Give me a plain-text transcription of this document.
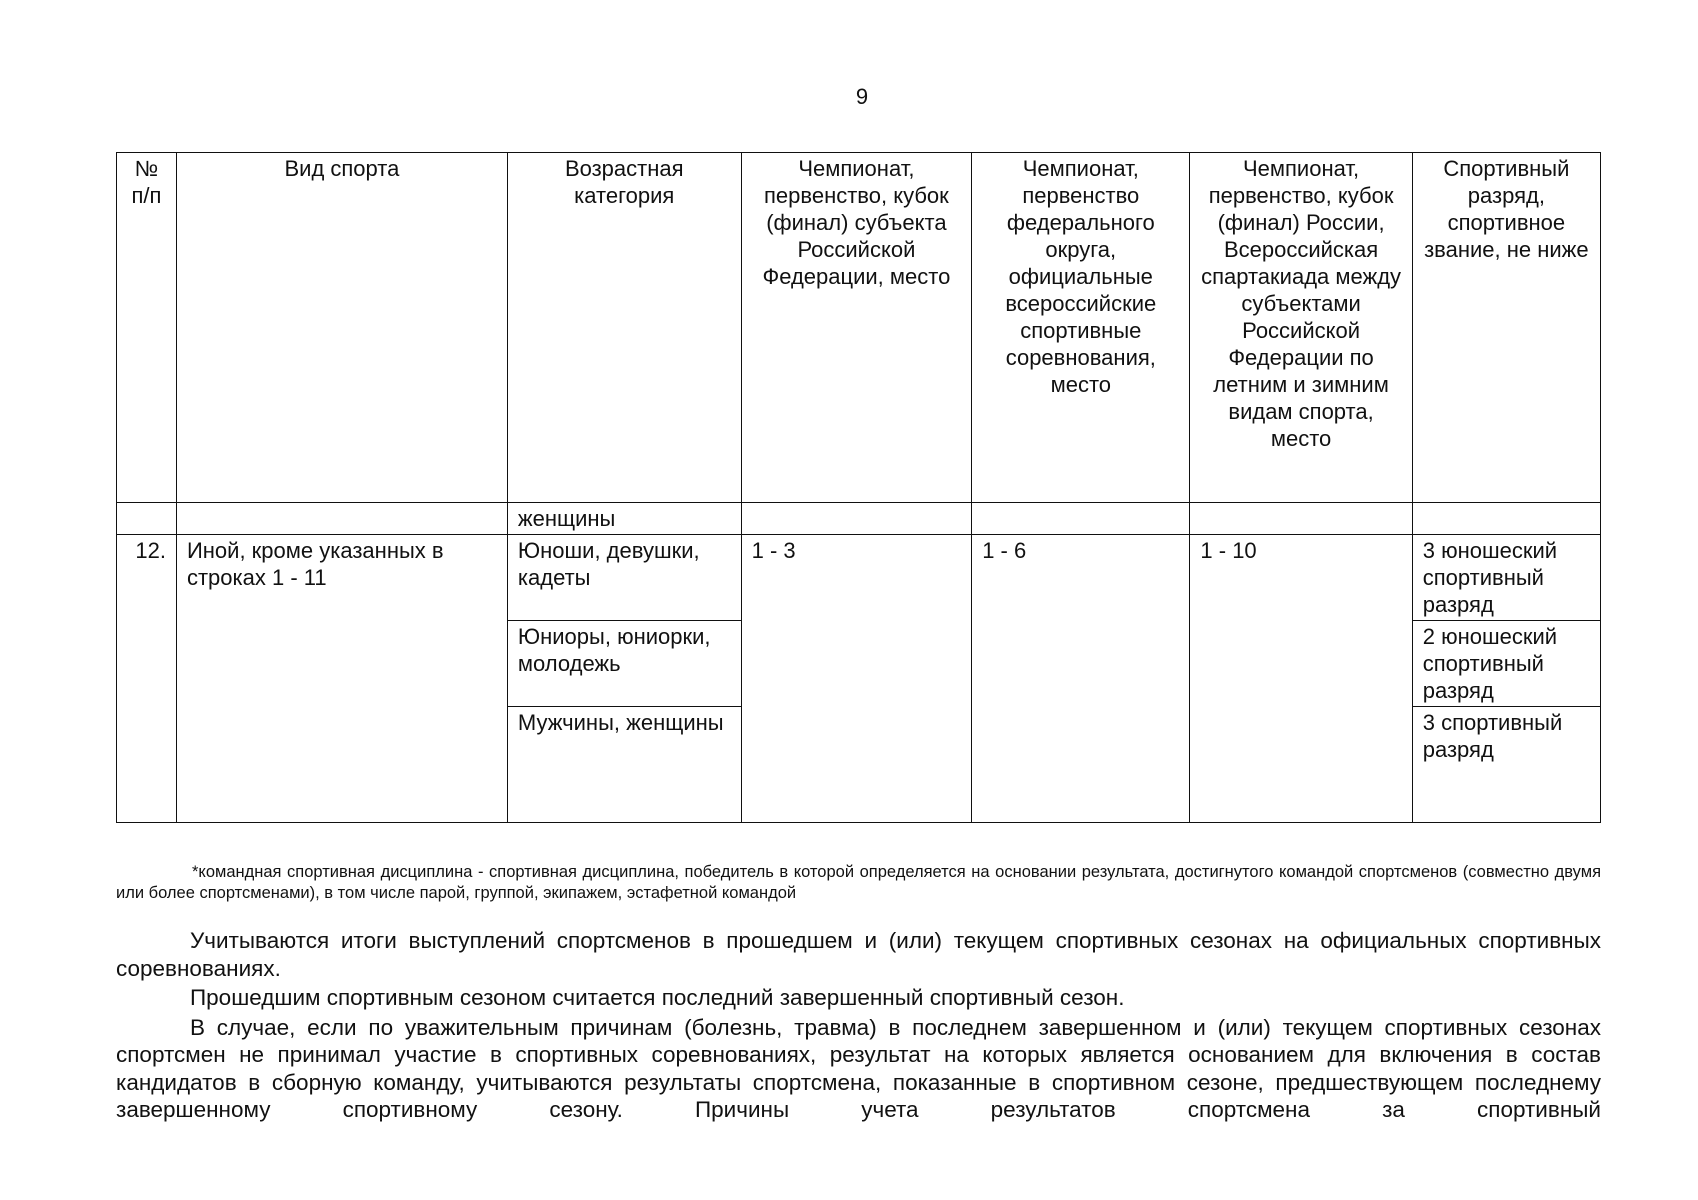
9
№ п/п	Вид спорта	Возрастная категория	Чемпионат, первенство, кубок (финал) субъекта Российской Федерации, место	Чемпионат, первенство федерального округа, официальные всероссийские спортивные соревнования, место	Чемпионат, первенство, кубок (финал) России, Всероссийская спартакиада между субъектами Российской Федерации по летним и зимним видам спорта, место	Спортивный разряд, спортивное звание, не ниже
		женщины				
12.	Иной, кроме указанных в строках 1 - 11	Юноши, девушки, кадеты	1 - 3	1 - 6	1 - 10	3 юношеский спортивный разряд
		Юниоры, юниорки, молодежь				2 юношеский спортивный разряд
		Мужчины, женщины				3 спортивный разряд
*командная спортивная дисциплина - спортивная дисциплина, победитель в которой определяется на основании результата, достигнутого командой спортсменов (совместно двумя или более спортсменами), в том числе парой, группой, экипажем, эстафетной командой

Учитываются итоги выступлений спортсменов в прошедшем и (или) текущем спортивных сезонах на официальных спортивных соревнованиях.

Прошедшим спортивным сезоном считается последний завершенный спортивный сезон.

В случае, если по уважительным причинам (болезнь, травма) в последнем завершенном и (или) текущем спортивных сезонах спортсмен не принимал участие в спортивных соревнованиях, результат на которых является основанием для включения в состав кандидатов в сборную команду, учитываются результаты спортсмена, показанные в спортивном сезоне, предшествующем последнему завершенному спортивному сезону. Причины учета результатов спортсмена за спортивный
